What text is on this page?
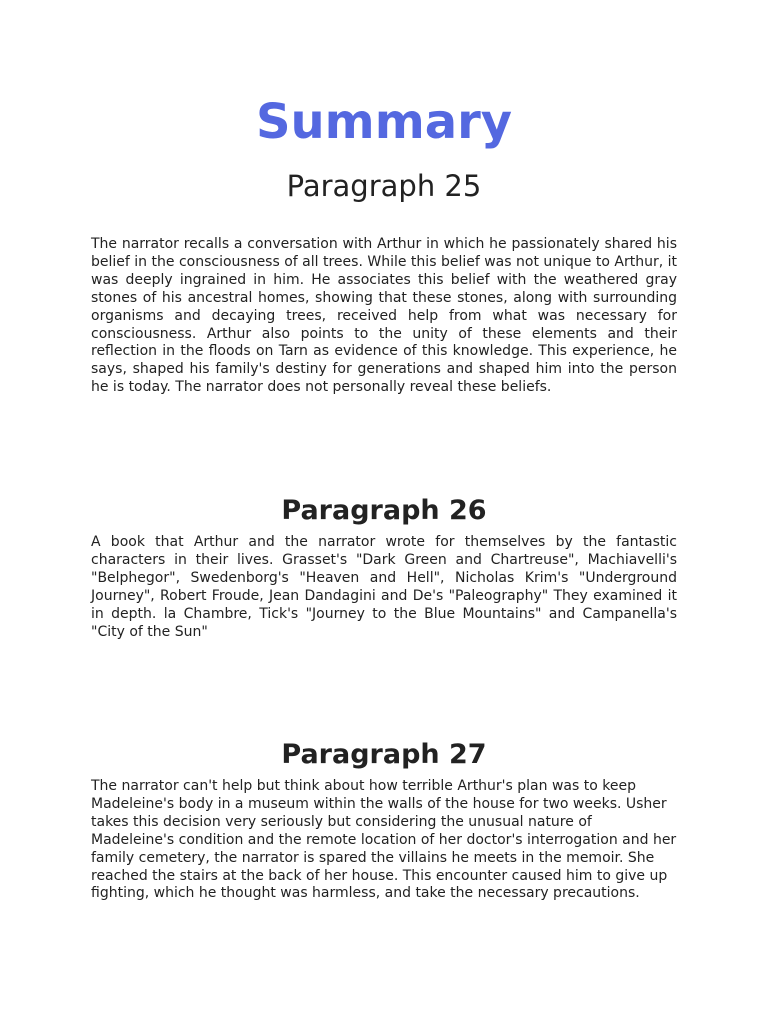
Summary
Paragraph 25

The narrator recalls a conversation with Arthur in which he passionately shared his belief in the consciousness of all trees. While this belief was not unique to Arthur, it was deeply ingrained in him. He associates this belief with the weathered gray stones of his ancestral homes, showing that these stones, along with surrounding organisms and decaying trees, received help from what was necessary for consciousness. Arthur also points to the unity of these elements and their reflection in the floods on Tarn as evidence of this knowledge. This experience, he says, shaped his family's destiny for generations and shaped him into the person he is today. The narrator does not personally reveal these beliefs.

Paragraph 26

A book that Arthur and the narrator wrote for themselves by the fantastic characters in their lives. Grasset's "Dark Green and Chartreuse", Machiavelli's "Belphegor", Swedenborg's "Heaven and Hell", Nicholas Krim's "Underground Journey", Robert Froude, Jean Dandagini and De's "Paleography" They examined it in depth. la Chambre, Tick's "Journey to the Blue Mountains" and Campanella's "City of the Sun"

Paragraph 27

The narrator can't help but think about how terrible Arthur's plan was to keep Madeleine's body in a museum within the walls of the house for two weeks. Usher takes this decision very seriously but considering the unusual nature of Madeleine's condition and the remote location of her doctor's interrogation and her family cemetery, the narrator is spared the villains he meets in the memoir. She reached the stairs at the back of her house. This encounter caused him to give up fighting, which he thought was harmless, and take the necessary precautions.
